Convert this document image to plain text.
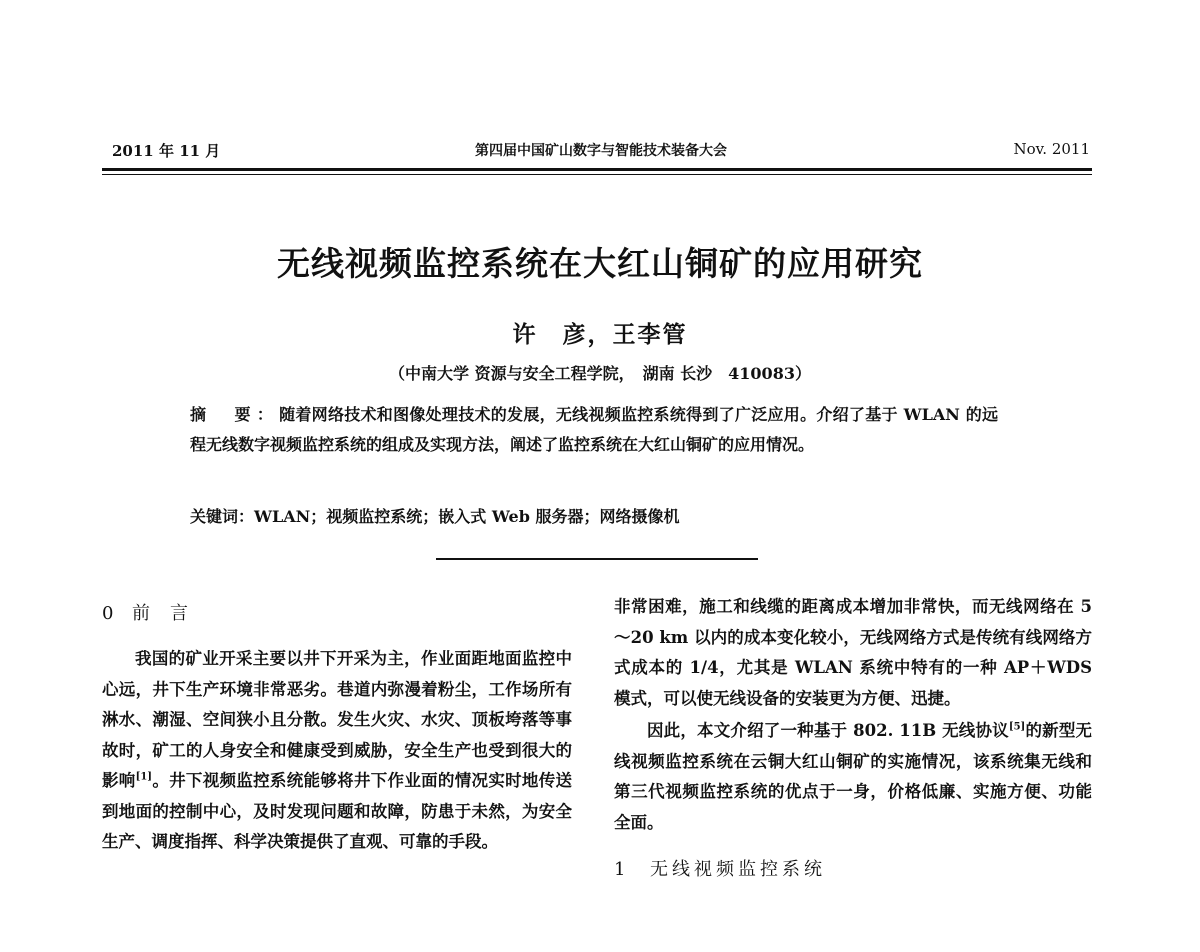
2011 年 11 月	第四届中国矿山数字与智能技术装备大会	Nov. 2011
无线视频监控系统在大红山铜矿的应用研究
许　彦，王李管
（中南大学 资源与安全工程学院，　湖南 长沙　410083）
摘　要：随着网络技术和图像处理技术的发展，无线视频监控系统得到了广泛应用。介绍了基于 WLAN 的远程无线数字视频监控系统的组成及实现方法，阐述了监控系统在大红山铜矿的应用情况。
关键词：WLAN；视频监控系统；嵌入式 Web 服务器；网络摄像机
0 前言

我国的矿业开采主要以井下开采为主，作业面距地面监控中心远，井下生产环境非常恶劣。巷道内弥漫着粉尘，工作场所有淋水、潮湿、空间狭小且分散。发生火灾、水灾、顶板垮落等事故时，矿工的人身安全和健康受到威胁，安全生产也受到很大的影响[1]。井下视频监控系统能够将井下作业面的情况实时地传送到地面的控制中心，及时发现问题和故障，防患于未然，为安全生产、调度指挥、科学决策提供了直观、可靠的手段。

非常困难，施工和线缆的距离成本增加非常快，而无线网络在 5～20 km 以内的成本变化较小，无线网络方式是传统有线网络方式成本的 1/4，尤其是 WLAN 系统中特有的一种 AP＋WDS 模式，可以使无线设备的安装更为方便、迅捷。

因此，本文介绍了一种基于 802. 11B 无线协议[5]的新型无线视频监控系统在云铜大红山铜矿的实施情况，该系统集无线和第三代视频监控系统的优点于一身，价格低廉、实施方便、功能全面。

1 无线视频监控系统
